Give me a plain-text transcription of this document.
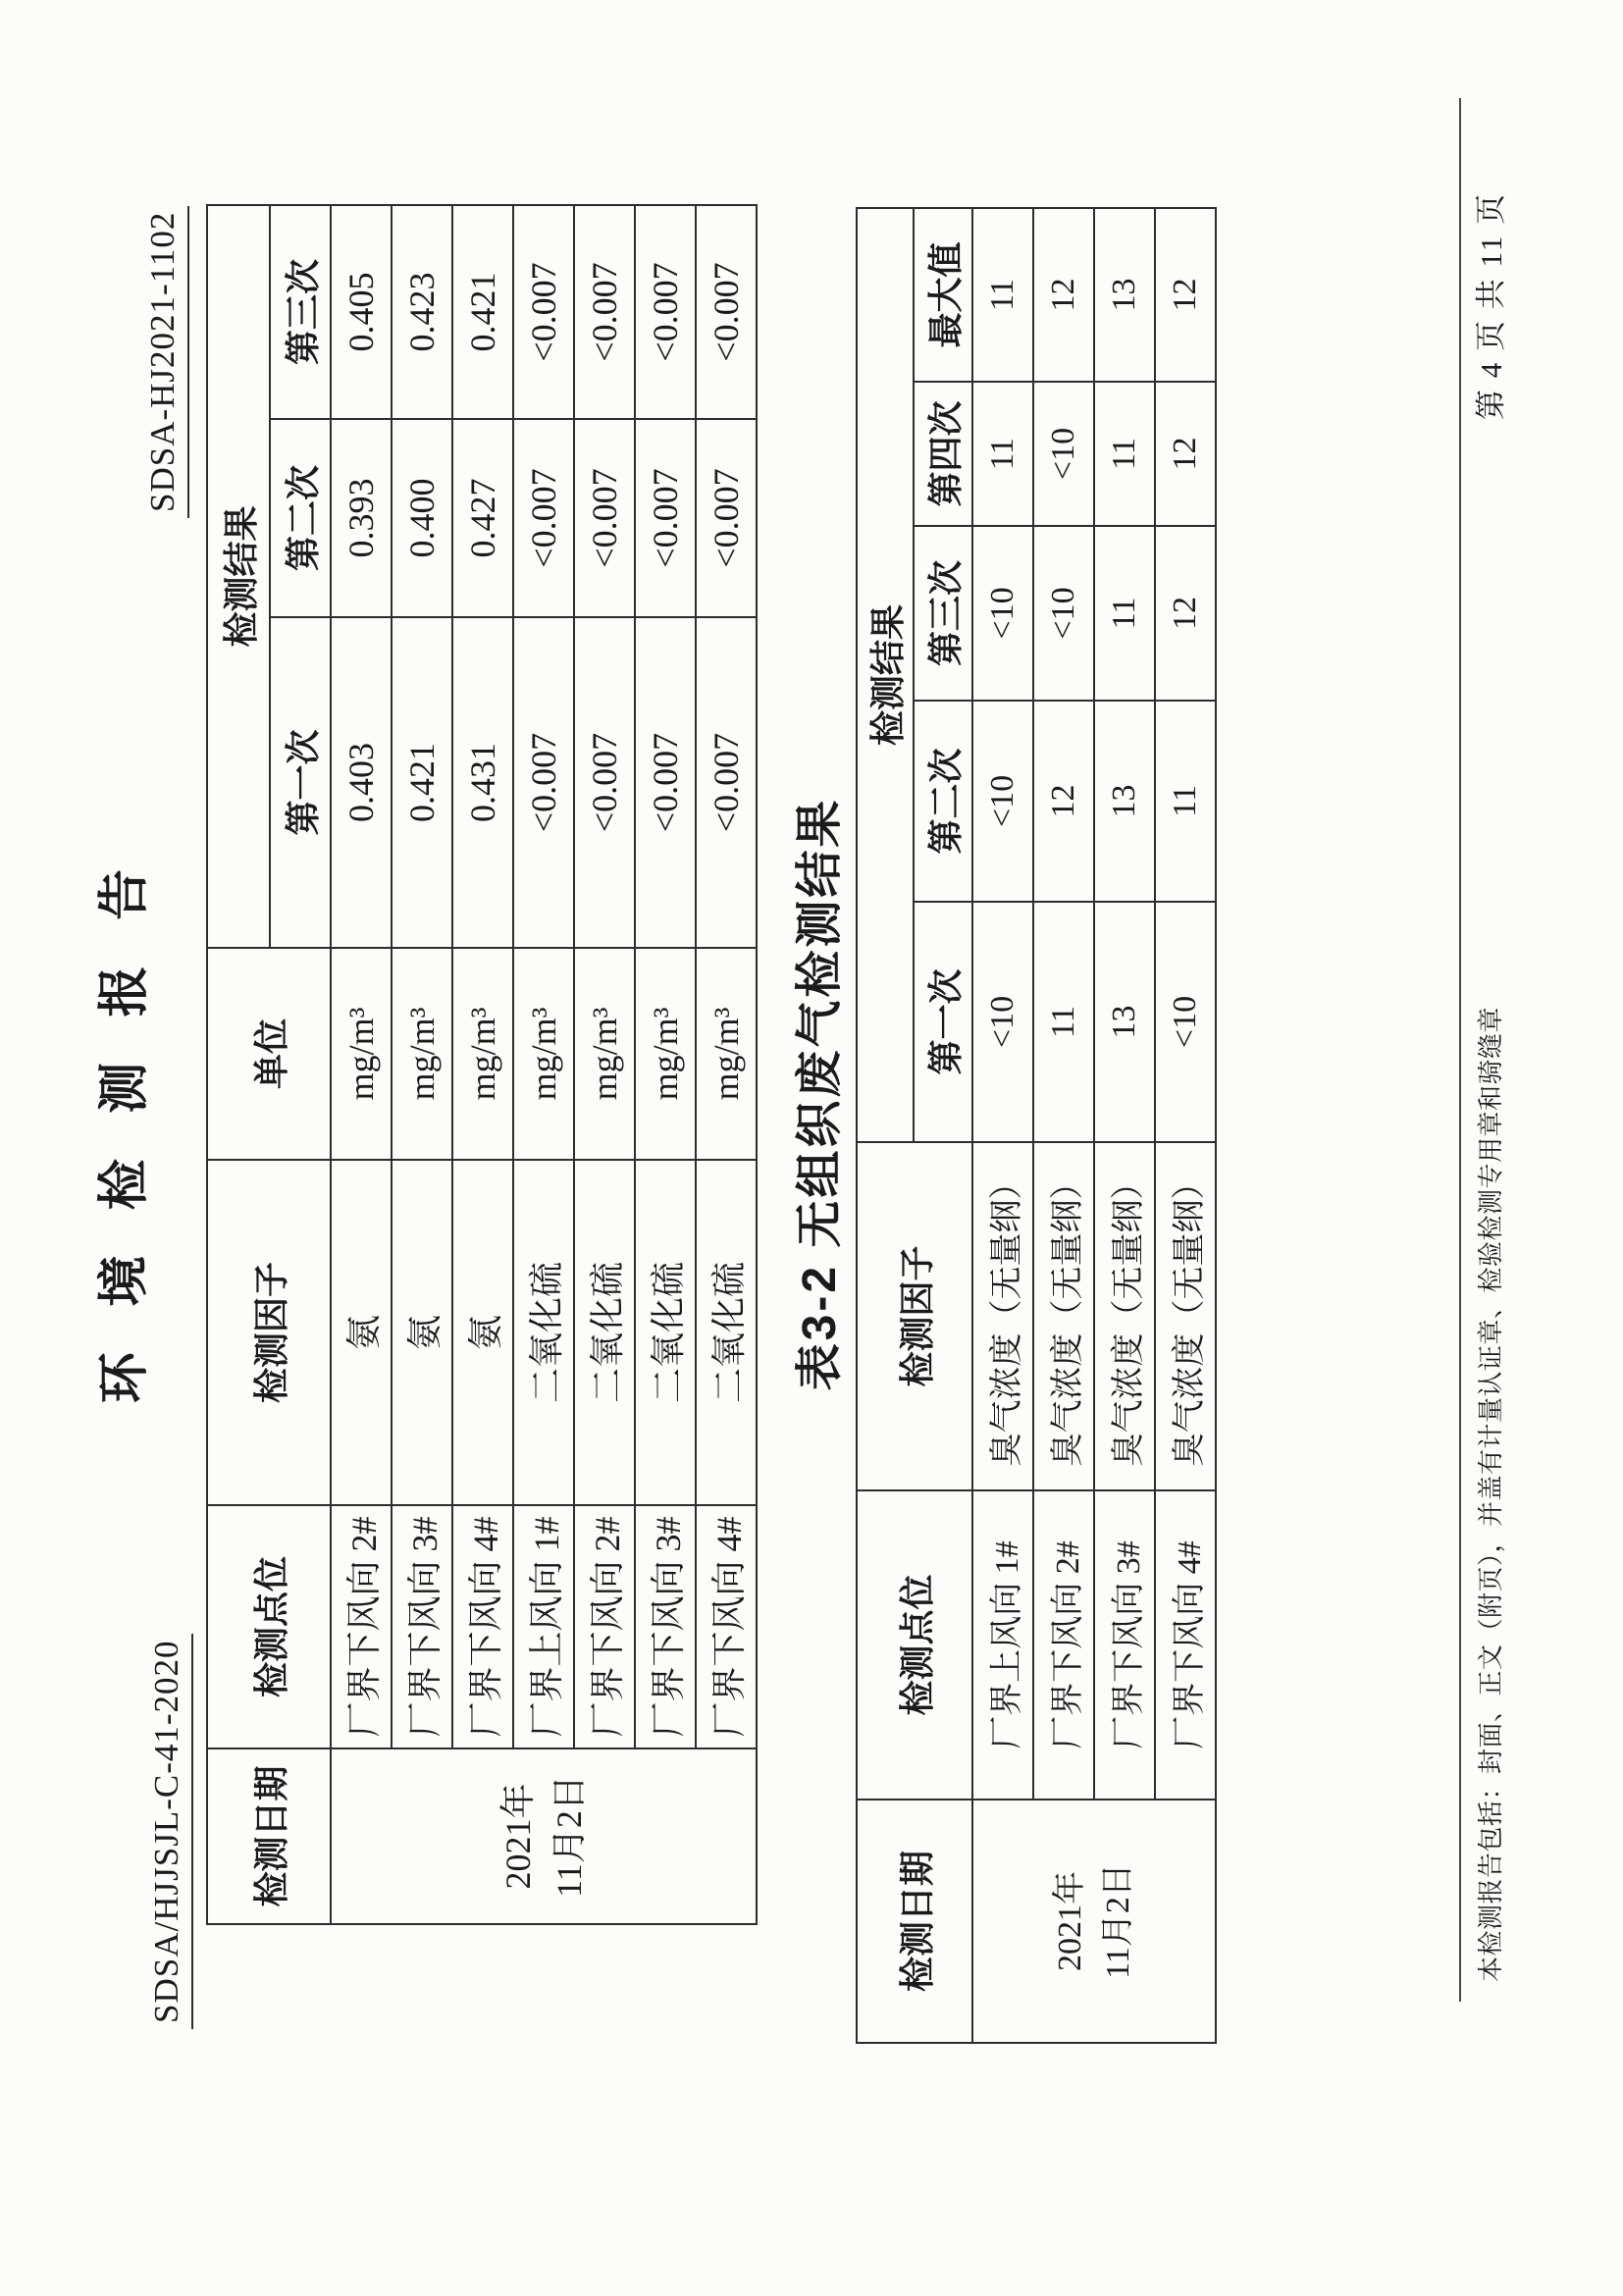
SDSA/HJJSJL-C-41-2020
环 境 检 测 报 告
SDSA-HJ2021-1102
检测日期	检测点位	检测因子	单位	检测结果		
				第一次	第二次	第三次

2021年 11月2日	厂界下风向 2#	氨	mg/m³	0.403	0.393	0.405
	厂界下风向 3#	氨	mg/m³	0.421	0.400	0.423
	厂界下风向 4#	氨	mg/m³	0.431	0.427	0.421
	厂界上风向 1#	二氧化硫	mg/m³	<0.007	<0.007	<0.007
	厂界下风向 2#	二氧化硫	mg/m³	<0.007	<0.007	<0.007
	厂界下风向 3#	二氧化硫	mg/m³	<0.007	<0.007	<0.007
	厂界下风向 4#	二氧化硫	mg/m³	<0.007	<0.007	<0.007
表3-2 无组织废气检测结果
检测日期	检测点位	检测因子	检测结果				
			第一次	第二次	第三次	第四次	最大值

2021年 11月2日	厂界上风向 1#	臭气浓度（无量纲）	<10	<10	<10	11	11
	厂界下风向 2#	臭气浓度（无量纲）	11	12	<10	<10	12
	厂界下风向 3#	臭气浓度（无量纲）	13	13	11	11	13
	厂界下风向 4#	臭气浓度（无量纲）	<10	11	12	12	12
本检测报告包括：封面、正文（附页），并盖有计量认证章、检验检测专用章和骑缝章
第 4 页 共 11 页
